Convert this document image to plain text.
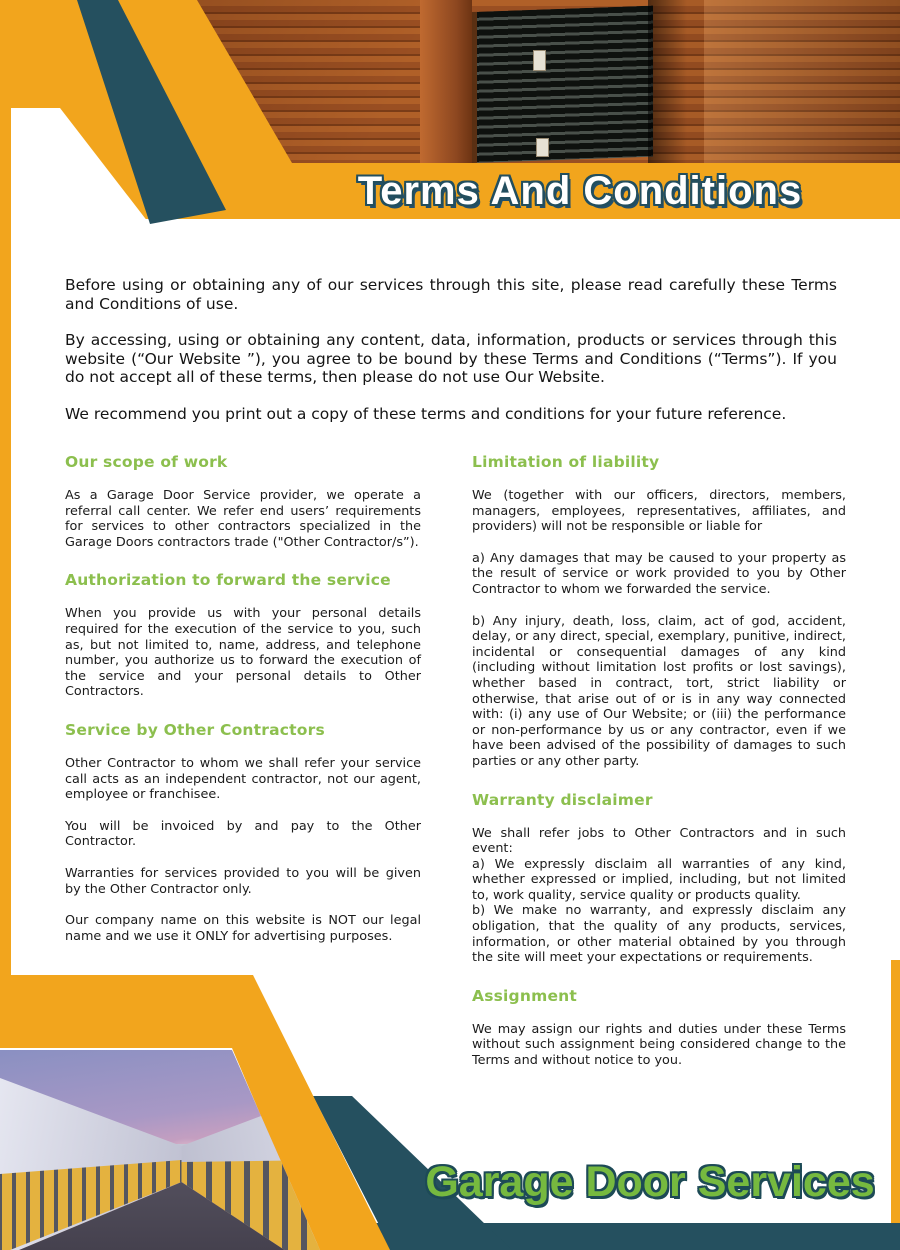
Terms And Conditions

Before using or obtaining any of our services through this site, please read carefully these Terms and Conditions of use.

By accessing, using or obtaining any content, data, information, products or services through this website (“Our Website ”), you agree to be bound by these Terms and Conditions (“Terms”). If you do not accept all of these terms, then please do not use Our Website.

We recommend you print out a copy of these terms and conditions for your future reference.

Our scope of work

As a Garage Door Service provider, we operate a referral call center. We refer end users’ requirements for services to other contractors specialized in the Garage Doors contractors trade ("Other Contractor/s”).

Authorization to forward the service

When you provide us with your personal details required for the execution of the service to you, such as, but not limited to, name, address, and telephone number, you authorize us to forward the execution of the service and your personal details to Other Contractors.

Service by Other Contractors

Other Contractor to whom we shall refer your service call acts as an independent contractor, not our agent, employee or franchisee.

You will be invoiced by and pay to the Other Contractor.

Warranties for services provided to you will be given by the Other Contractor only.

Our company name on this website is NOT our legal name and we use it ONLY for advertising purposes.

Limitation of liability

We (together with our officers, directors, members, managers, employees, representatives, affiliates, and providers) will not be responsible or liable for

a) Any damages that may be caused to your property as the result of service or work provided to you by Other Contractor to whom we forwarded the service.

b) Any injury, death, loss, claim, act of god, accident, delay, or any direct, special, exemplary, punitive, indirect, incidental or consequential damages of any kind (including without limitation lost profits or lost savings), whether based in contract, tort, strict liability or otherwise, that arise out of or is in any way connected with: (i) any use of Our Website; or (iii) the performance or non-performance by us or any contractor, even if we have been advised of the possibility of damages to such parties or any other party.

Warranty disclaimer

We shall refer jobs to Other Contractors and in such event:

a) We expressly disclaim all warranties of any kind, whether expressed or implied, including, but not limited to, work quality, service quality or products quality.

b) We make no warranty, and expressly disclaim any obligation, that the quality of any products, services, information, or other material obtained by you through the site will meet your expectations or requirements.

Assignment

We may assign our rights and duties under these Terms without such assignment being considered change to the Terms and without notice to you.

Garage Door Services
